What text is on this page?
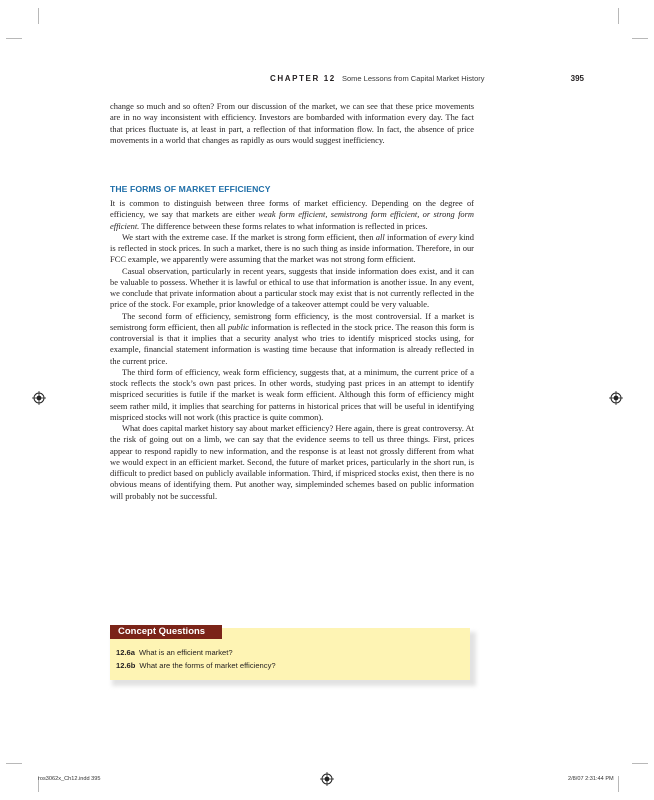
CHAPTER 12 Some Lessons from Capital Market History	395

change so much and so often? From our discussion of the market, we can see that these price movements are in no way inconsistent with efficiency. Investors are bombarded with information every day. The fact that prices fluctuate is, at least in part, a reflection of that information flow. In fact, the absence of price movements in a world that changes as rapidly as ours would suggest inefficiency.

THE FORMS OF MARKET EFFICIENCY

It is common to distinguish between three forms of market efficiency. Depending on the degree of efficiency, we say that markets are either weak form efficient, semistrong form efficient, or strong form efficient. The difference between these forms relates to what information is reflected in prices.

We start with the extreme case. If the market is strong form efficient, then all information of every kind is reflected in stock prices. In such a market, there is no such thing as inside information. Therefore, in our FCC example, we apparently were assuming that the market was not strong form efficient.

Casual observation, particularly in recent years, suggests that inside information does exist, and it can be valuable to possess. Whether it is lawful or ethical to use that information is another issue. In any event, we conclude that private information about a particular stock may exist that is not currently reflected in the price of the stock. For example, prior knowledge of a takeover attempt could be very valuable.

The second form of efficiency, semistrong form efficiency, is the most controversial. If a market is semistrong form efficient, then all public information is reflected in the stock price. The reason this form is controversial is that it implies that a security analyst who tries to identify mispriced stocks using, for example, financial statement information is wasting time because that information is already reflected in the current price.

The third form of efficiency, weak form efficiency, suggests that, at a minimum, the current price of a stock reflects the stock’s own past prices. In other words, studying past prices in an attempt to identify mispriced securities is futile if the market is weak form efficient. Although this form of efficiency might seem rather mild, it implies that searching for patterns in historical prices that will be useful in identifying mispriced stocks will not work (this practice is quite common).

What does capital market history say about market efficiency? Here again, there is great controversy. At the risk of going out on a limb, we can say that the evidence seems to tell us three things. First, prices appear to respond rapidly to new information, and the response is at least not grossly different from what we would expect in an efficient market. Second, the future of market prices, particularly in the short run, is difficult to predict based on publicly available information. Third, if mispriced stocks exist, then there is no obvious means of identifying them. Put another way, simpleminded schemes based on public information will probably not be successful.

Concept Questions
12.6a What is an efficient market?
12.6b What are the forms of market efficiency?
ros3062x_Ch12.indd 395	2/8/07 2:31:44 PM
